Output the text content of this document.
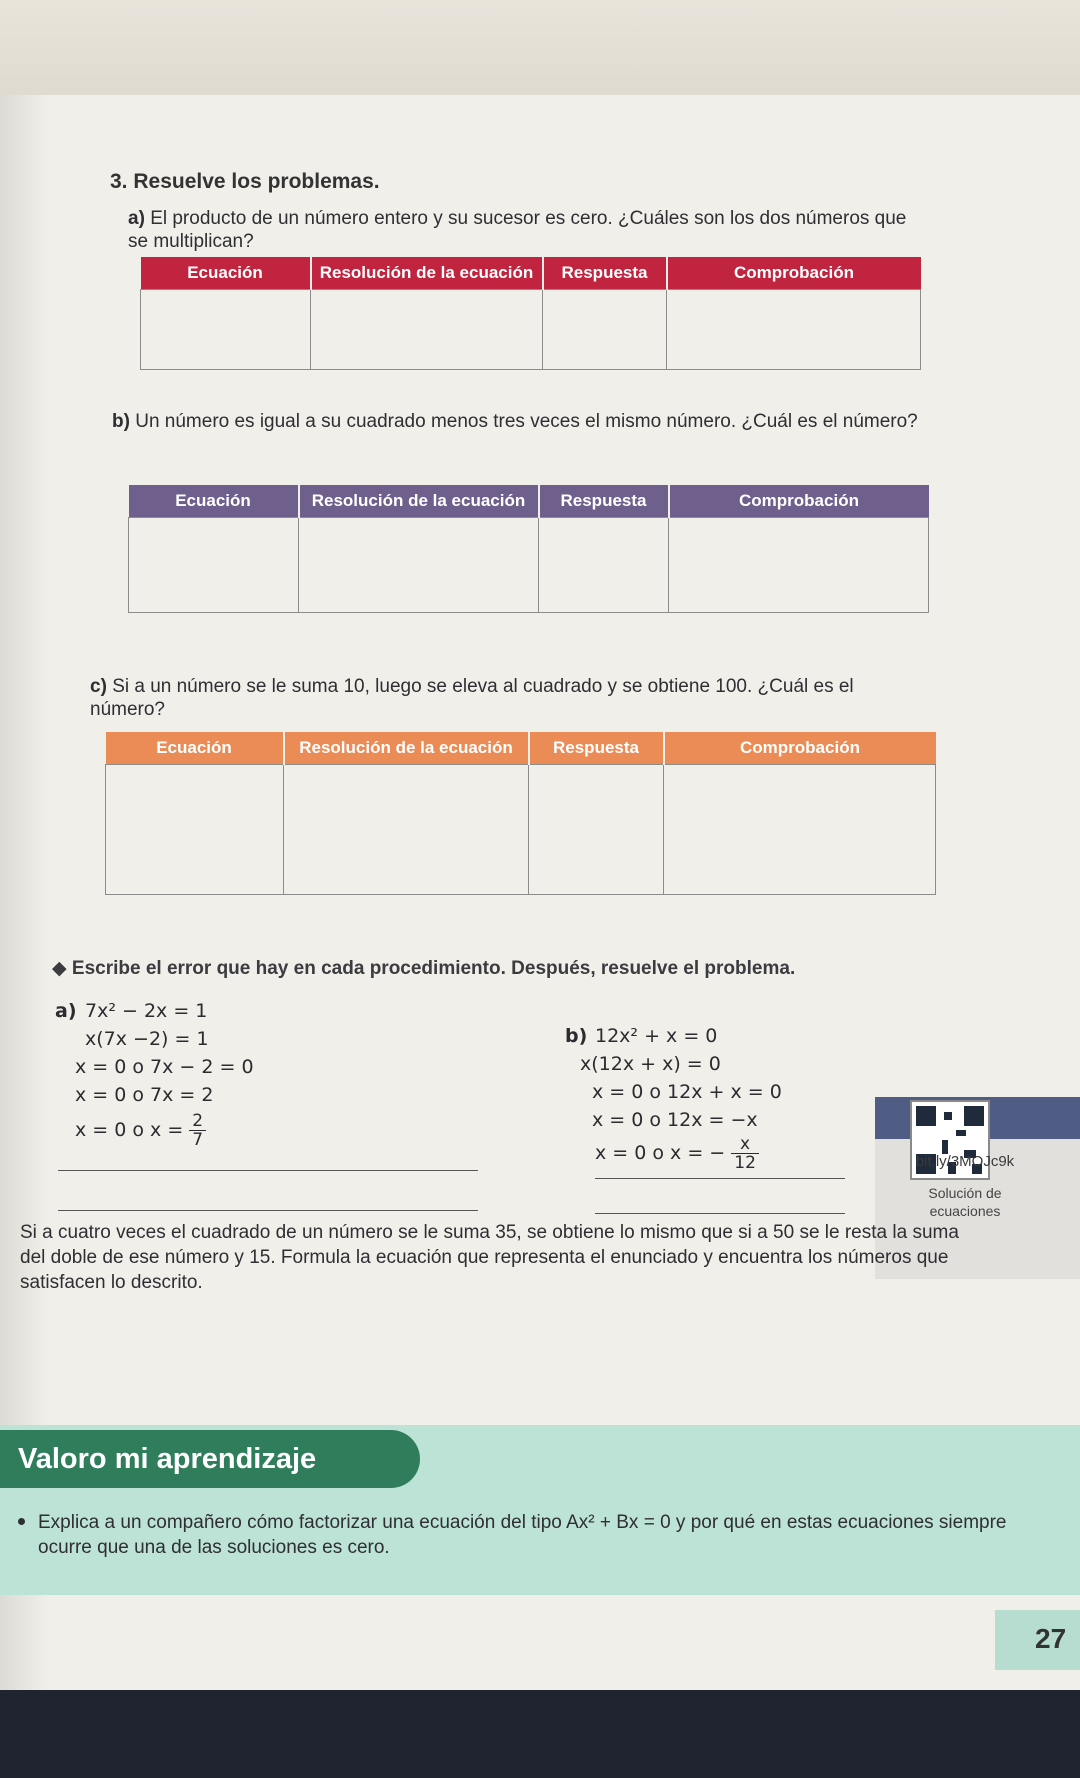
3. Resuelve los problemas.
a) El producto de un número entero y su sucesor es cero. ¿Cuáles son los dos números que se multiplican?
Ecuación	Resolución de la ecuación	Respuesta	Comprobación

b) Un número es igual a su cuadrado menos tres veces el mismo número. ¿Cuál es el número?
Ecuación	Resolución de la ecuación	Respuesta	Comprobación

c) Si a un número se le suma 10, luego se eleva al cuadrado y se obtiene 100. ¿Cuál es el número?
Ecuación	Resolución de la ecuación	Respuesta	Comprobación

◆ Escribe el error que hay en cada procedimiento. Después, resuelve el problema.
a) 7x² − 2x = 1
x(7x −2) = 1
x = 0 o 7x − 2 = 0
x = 0 o 7x = 2
x = 0 o $x = \frac{2}{7}$
b) 12x² + x = 0
x(12x + x) = 0
x = 0 o 12x + x = 0
x = 0 o 12x = −x
x = 0 o x = − $\frac{x}{12}$	bit.ly/3MOJc9k
Solución de
ecuaciones
Si a cuatro veces el cuadrado de un número se le suma 35, se obtiene lo mismo que si a 50 se le resta la suma del doble de ese número y 15. Formula la ecuación que representa el enunciado y encuentra los números que satisfacen lo descrito.
Valoro mi aprendizaje
Explica a un compañero cómo factorizar una ecuación del tipo Ax² + Bx = 0 y por qué en estas ecuaciones siempre ocurre que una de las soluciones es cero.
27
